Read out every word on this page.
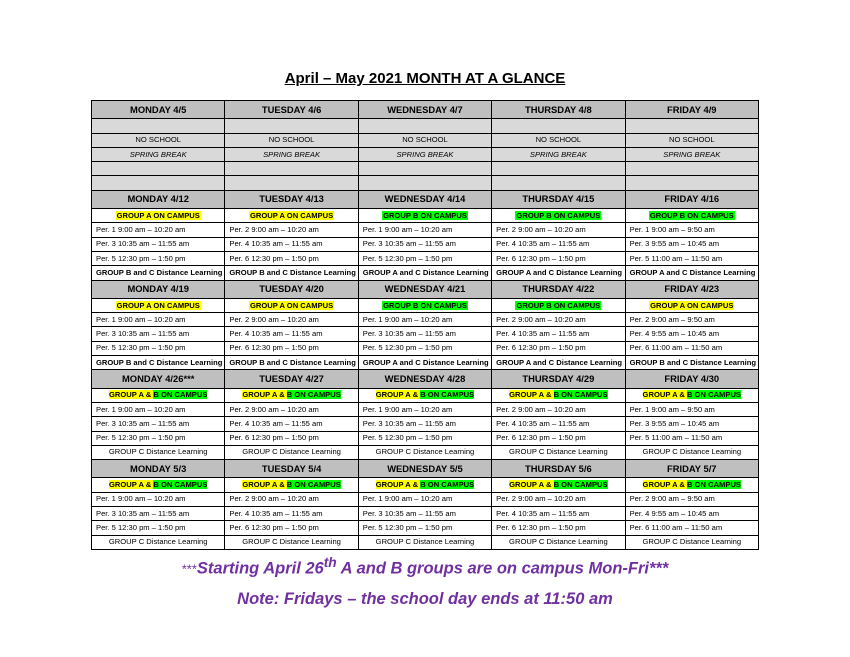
April – May 2021 MONTH AT A GLANCE
MONDAY 4/5	TUESDAY 4/6	WEDNESDAY 4/7	THURSDAY 4/8	FRIDAY 4/9

NO SCHOOL	NO SCHOOL	NO SCHOOL	NO SCHOOL	NO SCHOOL
SPRING BREAK	SPRING BREAK	SPRING BREAK	SPRING BREAK	SPRING BREAK

MONDAY 4/12	TUESDAY 4/13	WEDNESDAY 4/14	THURSDAY 4/15	FRIDAY 4/16
GROUP A ON CAMPUS	GROUP A ON CAMPUS	GROUP B ON CAMPUS	GROUP B ON CAMPUS	GROUP B ON CAMPUS
Per. 1 9:00 am – 10:20 am	Per. 2 9:00 am – 10:20 am	Per. 1 9:00 am – 10:20 am	Per. 2 9:00 am – 10:20 am	Per. 1 9:00 am – 9:50 am
Per. 3 10:35 am – 11:55 am	Per. 4 10:35 am – 11:55 am	Per. 3 10:35 am – 11:55 am	Per. 4 10:35 am – 11:55 am	Per. 3 9:55 am – 10:45 am
Per. 5 12:30 pm – 1:50 pm	Per. 6 12:30 pm – 1:50 pm	Per. 5 12:30 pm – 1:50 pm	Per. 6 12:30 pm – 1:50 pm	Per. 5 11:00 am – 11:50 am
GROUP B and C Distance Learning	GROUP B and C Distance Learning	GROUP A and C Distance Learning	GROUP A and C Distance Learning	GROUP A and C Distance Learning
MONDAY 4/19	TUESDAY 4/20	WEDNESDAY 4/21	THURSDAY 4/22	FRIDAY 4/23
GROUP A ON CAMPUS	GROUP A ON CAMPUS	GROUP B ON CAMPUS	GROUP B ON CAMPUS	GROUP A ON CAMPUS
Per. 1 9:00 am – 10:20 am	Per. 2 9:00 am – 10:20 am	Per. 1 9:00 am – 10:20 am	Per. 2 9:00 am – 10:20 am	Per. 2 9:00 am – 9:50 am
Per. 3 10:35 am – 11:55 am	Per. 4 10:35 am – 11:55 am	Per. 3 10:35 am – 11:55 am	Per. 4 10:35 am – 11:55 am	Per. 4 9:55 am – 10:45 am
Per. 5 12:30 pm – 1:50 pm	Per. 6 12:30 pm – 1:50 pm	Per. 5 12:30 pm – 1:50 pm	Per. 6 12:30 pm – 1:50 pm	Per. 6 11:00 am – 11:50 am
GROUP B and C Distance Learning	GROUP B and C Distance Learning	GROUP A and C Distance Learning	GROUP A and C Distance Learning	GROUP B and C Distance Learning
MONDAY 4/26***	TUESDAY 4/27	WEDNESDAY 4/28	THURSDAY 4/29	FRIDAY 4/30
GROUP A & B ON CAMPUS	GROUP A & B ON CAMPUS	GROUP A & B ON CAMPUS	GROUP A & B ON CAMPUS	GROUP A & B ON CAMPUS
Per. 1 9:00 am – 10:20 am	Per. 2 9:00 am – 10:20 am	Per. 1 9:00 am – 10:20 am	Per. 2 9:00 am – 10:20 am	Per. 1 9:00 am – 9:50 am
Per. 3 10:35 am – 11:55 am	Per. 4 10:35 am – 11:55 am	Per. 3 10:35 am – 11:55 am	Per. 4 10:35 am – 11:55 am	Per. 3 9:55 am – 10:45 am
Per. 5 12:30 pm – 1:50 pm	Per. 6 12:30 pm – 1:50 pm	Per. 5 12:30 pm – 1:50 pm	Per. 6 12:30 pm – 1:50 pm	Per. 5 11:00 am – 11:50 am
GROUP C Distance Learning	GROUP C Distance Learning	GROUP C Distance Learning	GROUP C Distance Learning	GROUP C Distance Learning
MONDAY 5/3	TUESDAY 5/4	WEDNESDAY 5/5	THURSDAY 5/6	FRIDAY 5/7
GROUP A & B ON CAMPUS	GROUP A & B ON CAMPUS	GROUP A & B ON CAMPUS	GROUP A & B ON CAMPUS	GROUP A & B ON CAMPUS
Per. 1 9:00 am – 10:20 am	Per. 2 9:00 am – 10:20 am	Per. 1 9:00 am – 10:20 am	Per. 2 9:00 am – 10:20 am	Per. 2 9:00 am – 9:50 am
Per. 3 10:35 am – 11:55 am	Per. 4 10:35 am – 11:55 am	Per. 3 10:35 am – 11:55 am	Per. 4 10:35 am – 11:55 am	Per. 4 9:55 am – 10:45 am
Per. 5 12:30 pm – 1:50 pm	Per. 6 12:30 pm – 1:50 pm	Per. 5 12:30 pm – 1:50 pm	Per. 6 12:30 pm – 1:50 pm	Per. 6 11:00 am – 11:50 am
GROUP C Distance Learning	GROUP C Distance Learning	GROUP C Distance Learning	GROUP C Distance Learning	GROUP C Distance Learning
***Starting April 26th A and B groups are on campus Mon-Fri***
Note: Fridays – the school day ends at 11:50 am
